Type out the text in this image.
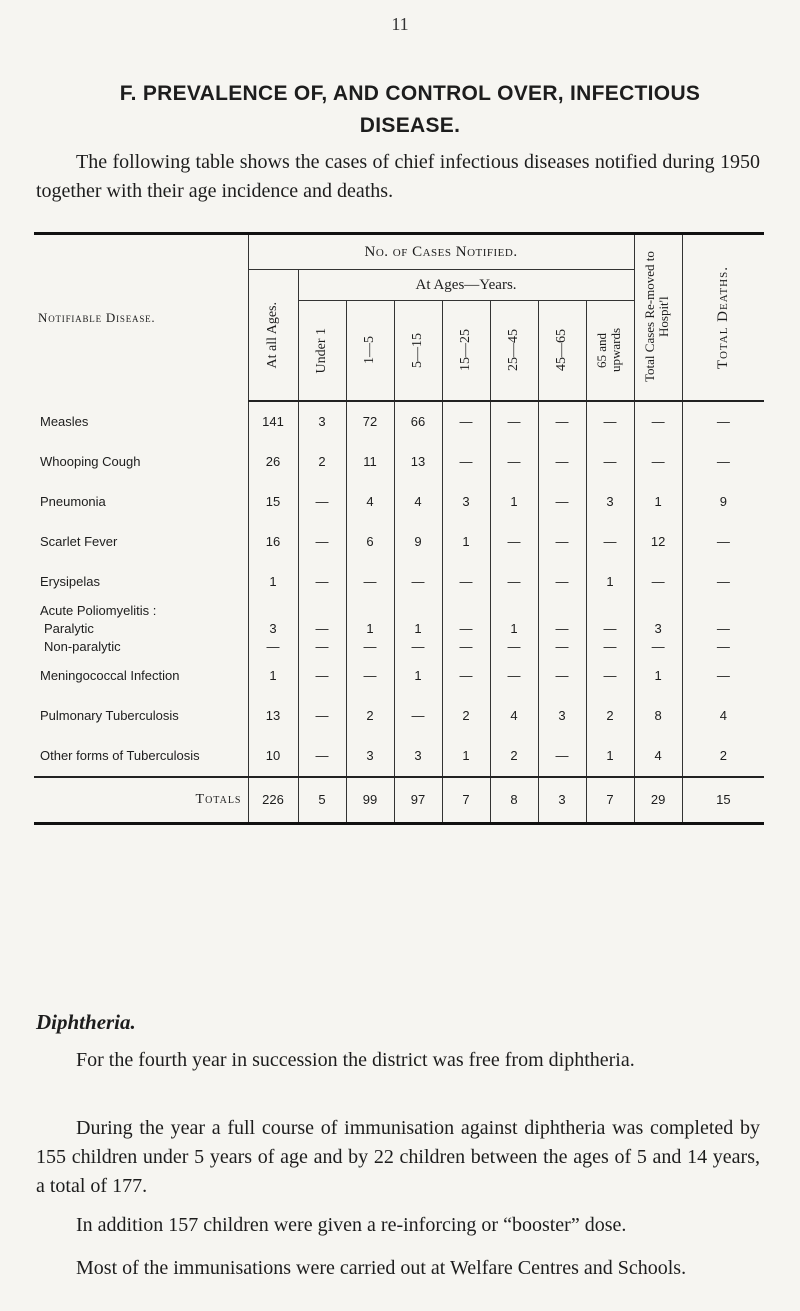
11
F. PREVALENCE OF, AND CONTROL OVER, INFECTIOUS DISEASE.
The following table shows the cases of chief infectious diseases notified during 1950 together with their age incidence and deaths.
Notifiable Disease.	No. of Cases Notified.								Total Cases Re-moved to Hospit'l	Total Deaths.

	At all Ages.	At Ages—Years.								

		Under 1	1—5	5—15	15—25	25—45	45—65	65 and upwards		

Measles	141	3	72	66	—	—	—	—	—	—
Whooping Cough	26	2	11	13	—	—	—	—	—	—
Pneumonia	15	—	4	4	3	1	—	3	1	9
Scarlet Fever	16	—	6	9	1	—	—	—	12	—
Erysipelas	1	—	—	—	—	—	—	1	—	—
Acute Poliomyelitis :										
Paralytic	3	—	1	1	—	1	—	—	3	—
Non-paralytic	—	—	—	—	—	—	—	—	—	—
Meningococcal Infection	1	—	—	1	—	—	—	—	1	—
Pulmonary Tuberculosis	13	—	2	—	2	4	3	2	8	4
Other forms of Tuberculosis	10	—	3	3	1	2	—	1	4	2
Totals	226	5	99	97	7	8	3	7	29	15
Diphtheria.
For the fourth year in succession the district was free from diphtheria.
During the year a full course of immunisation against diphtheria was completed by 155 children under 5 years of age and by 22 children between the ages of 5 and 14 years, a total of 177.
In addition 157 children were given a re-inforcing or “booster” dose.
Most of the immunisations were carried out at Welfare Centres and Schools.
